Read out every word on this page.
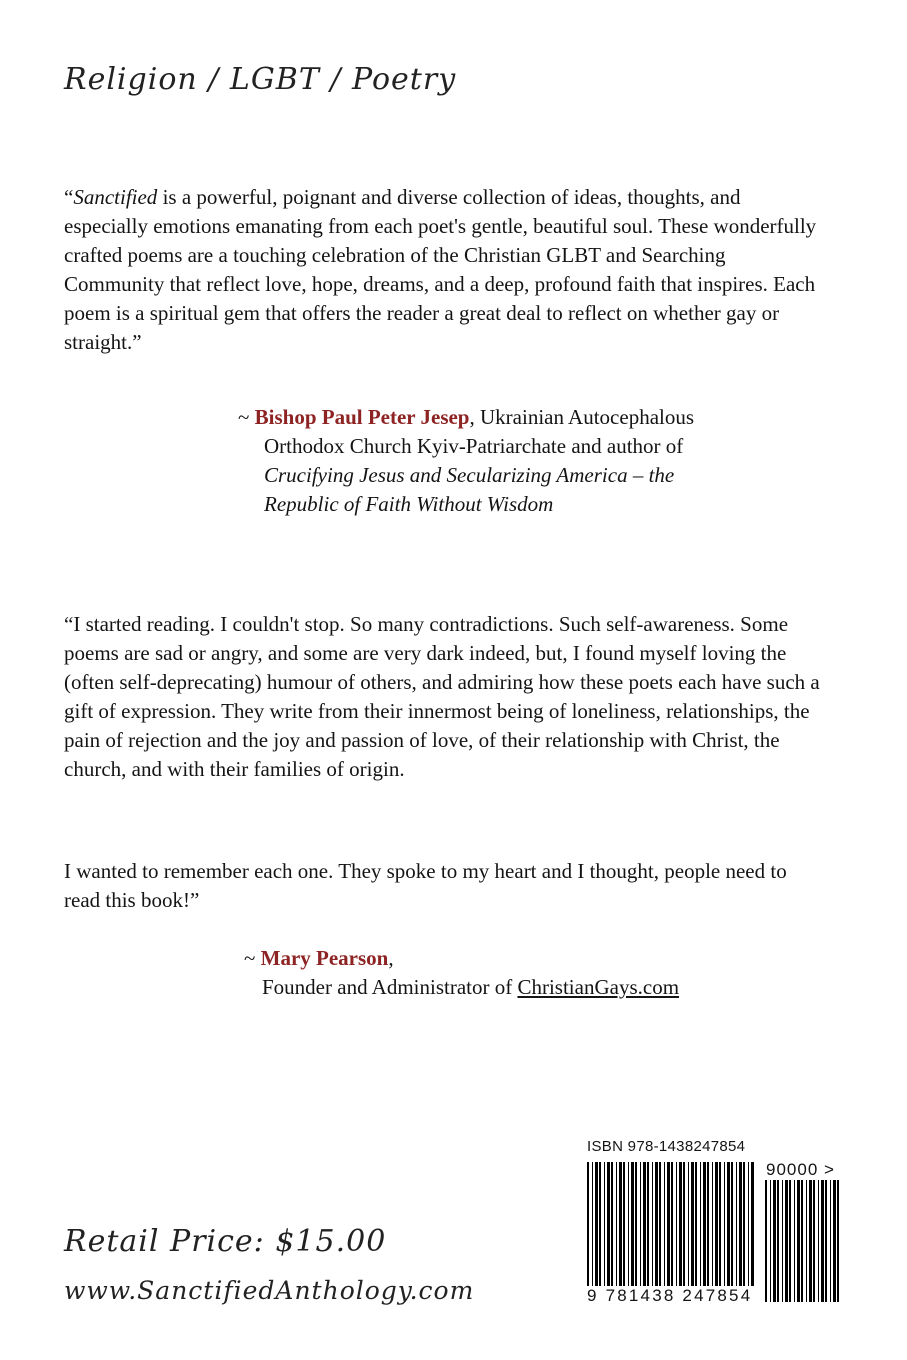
Religion / LGBT / Poetry

“Sanctified is a powerful, poignant and diverse collection of ideas, thoughts, and especially emotions emanating from each poet's gentle, beautiful soul. These wonderfully crafted poems are a touching celebration of the Christian GLBT and Searching Community that reflect love, hope, dreams, and a deep, profound faith that inspires. Each poem is a spiritual gem that offers the reader a great deal to reflect on whether gay or straight.”

~ Bishop Paul Peter Jesep, Ukrainian Autocephalous
Orthodox Church Kyiv-Patriarchate and author of
Crucifying Jesus and Secularizing America – the
Republic of Faith Without Wisdom

“I started reading. I couldn't stop. So many contradictions. Such self-awareness. Some poems are sad or angry, and some are very dark indeed, but, I found myself loving the (often self-deprecating) humour of others, and admiring how these poets each have such a gift of expression. They write from their innermost being of loneliness, relationships, the pain of rejection and the joy and passion of love, of their relationship with Christ, the church, and with their families of origin.

I wanted to remember each one. They spoke to my heart and I thought, people need to read this book!”

~ Mary Pearson,
Founder and Administrator of ChristianGays.com

Retail Price: $15.00
www.SanctifiedAnthology.com
ISBN 978-1438247854
90000 >
9 781438 247854
